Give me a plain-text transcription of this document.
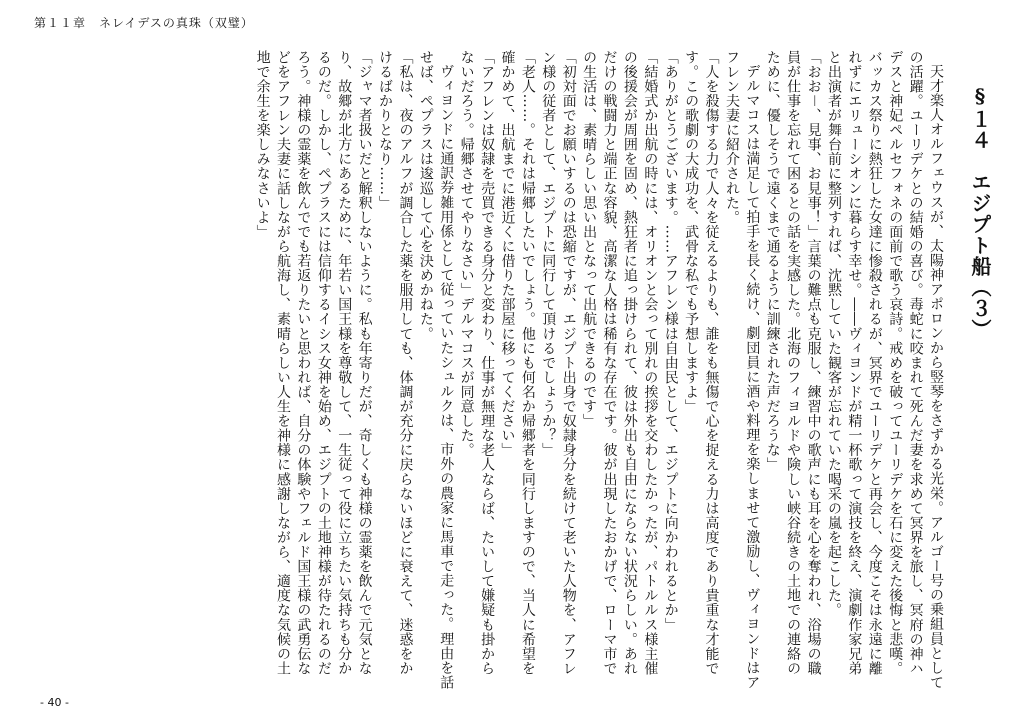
第１１章　ネレイデスの真珠（双璧）

§１４　エジプト船（３）

天才楽人オルフェウスが、太陽神アポロンから竪琴をさずかる光栄。アルゴー号の乗組員としての活躍。ユーリデケとの結婚の喜び。毒蛇に咬まれて死んだ妻を求めて冥界を旅し、冥府の神ハデスと神妃ペルセフォネの面前で歌う哀詩。戒めを破ってユーリデケを石に変えた後悔と悲嘆。バッカス祭りに熱狂した女達に惨殺されるが、冥界でユーリデケと再会し、今度こそは永遠に離れずにエリューシオンに暮らす幸せ。――ヴィヨンドが精一杯歌って演技を終え、演劇作家兄弟と出演者が舞台前に整列すれば、沈黙していた観客が忘れていた喝采の嵐を起こした。

「おお－、見事、お見事！」言葉の難点も克服し、練習中の歌声にも耳を心を奪われ、浴場の職員が仕事を忘れて困るとの話を実感した。北海のフィヨルドや険しい峡谷続きの土地での連絡のために、優しそうで遠くまで通るように訓練された声だろうな」

デルマコスは満足して拍手を長く続け、劇団員に酒や料理を楽しませて激励し、ヴィヨンドはアフレン夫妻に紹介された。

「人を殺傷する力で人々を従えるよりも、誰をも無傷で心を捉える力は高度であり貴重な才能です。この歌劇の大成功を、武骨な私でも予想しますよ」

「ありがとうございます。……アフレン様は自由民として、エジプトに向かわれるとか」

「結婚式か出航の時には、オリオンと会って別れの挨拶を交わしたかったが、パトルルス様主催の後援会が周囲を固め、熱狂者に追っ掛けられて、彼は外出も自由にならない状況らしい。あれだけの戦闘力と端正な容貌、高潔な人格は稀有な存在です。彼が出現したおかげで、ローマ市での生活は、素晴らしい思い出となって出航できるのです」

「初対面でお願いするのは恐縮ですが、エジプト出身で奴隷身分を続けて老いた人物を、アフレン様の従者として、エジプトに同行して頂けるでしょうか？」

「老人……。それは帰郷したいでしょう。他にも何名か帰郷者を同行しますので、当人に希望を確かめて、出航までに港近くに借りた部屋に移ってください」

「アフレンは奴隷を売買できる身分と変わり、仕事が無理な老人ならば、たいして嫌疑も掛からないだろう。帰郷させてやりなさい」デルマコスが同意した。

ヴィヨンドに通訳券雑用係として従っていたシュルクは、市外の農家に馬車で走った。理由を話せば、ペプラスは逡巡して心を決めかねた。

「私は、夜のアルフが調合した薬を服用しても、体調が充分に戻らないほどに衰えて、迷惑をかけるばかりとなり……」

「ジャマ者扱いだと解釈しないように。私も年寄りだが、奇しくも神様の霊薬を飲んで元気となり、故郷が北方にあるために、年若い国王様を尊敬して、一生従って役に立ちたい気持ちも分かるのだ。しかし、ペプラスには信仰するイシス女神を始め、エジプトの土地神様が待たれるのだろう。神様の霊薬を飲んででも若返りたいと思われば、自分の体験やフェルド国王様の武勇伝などをアフレン夫妻に話しながら航海し、素晴らしい人生を神様に感謝しながら、適度な気候の土地で余生を楽しみなさいよ」

- 40 -
